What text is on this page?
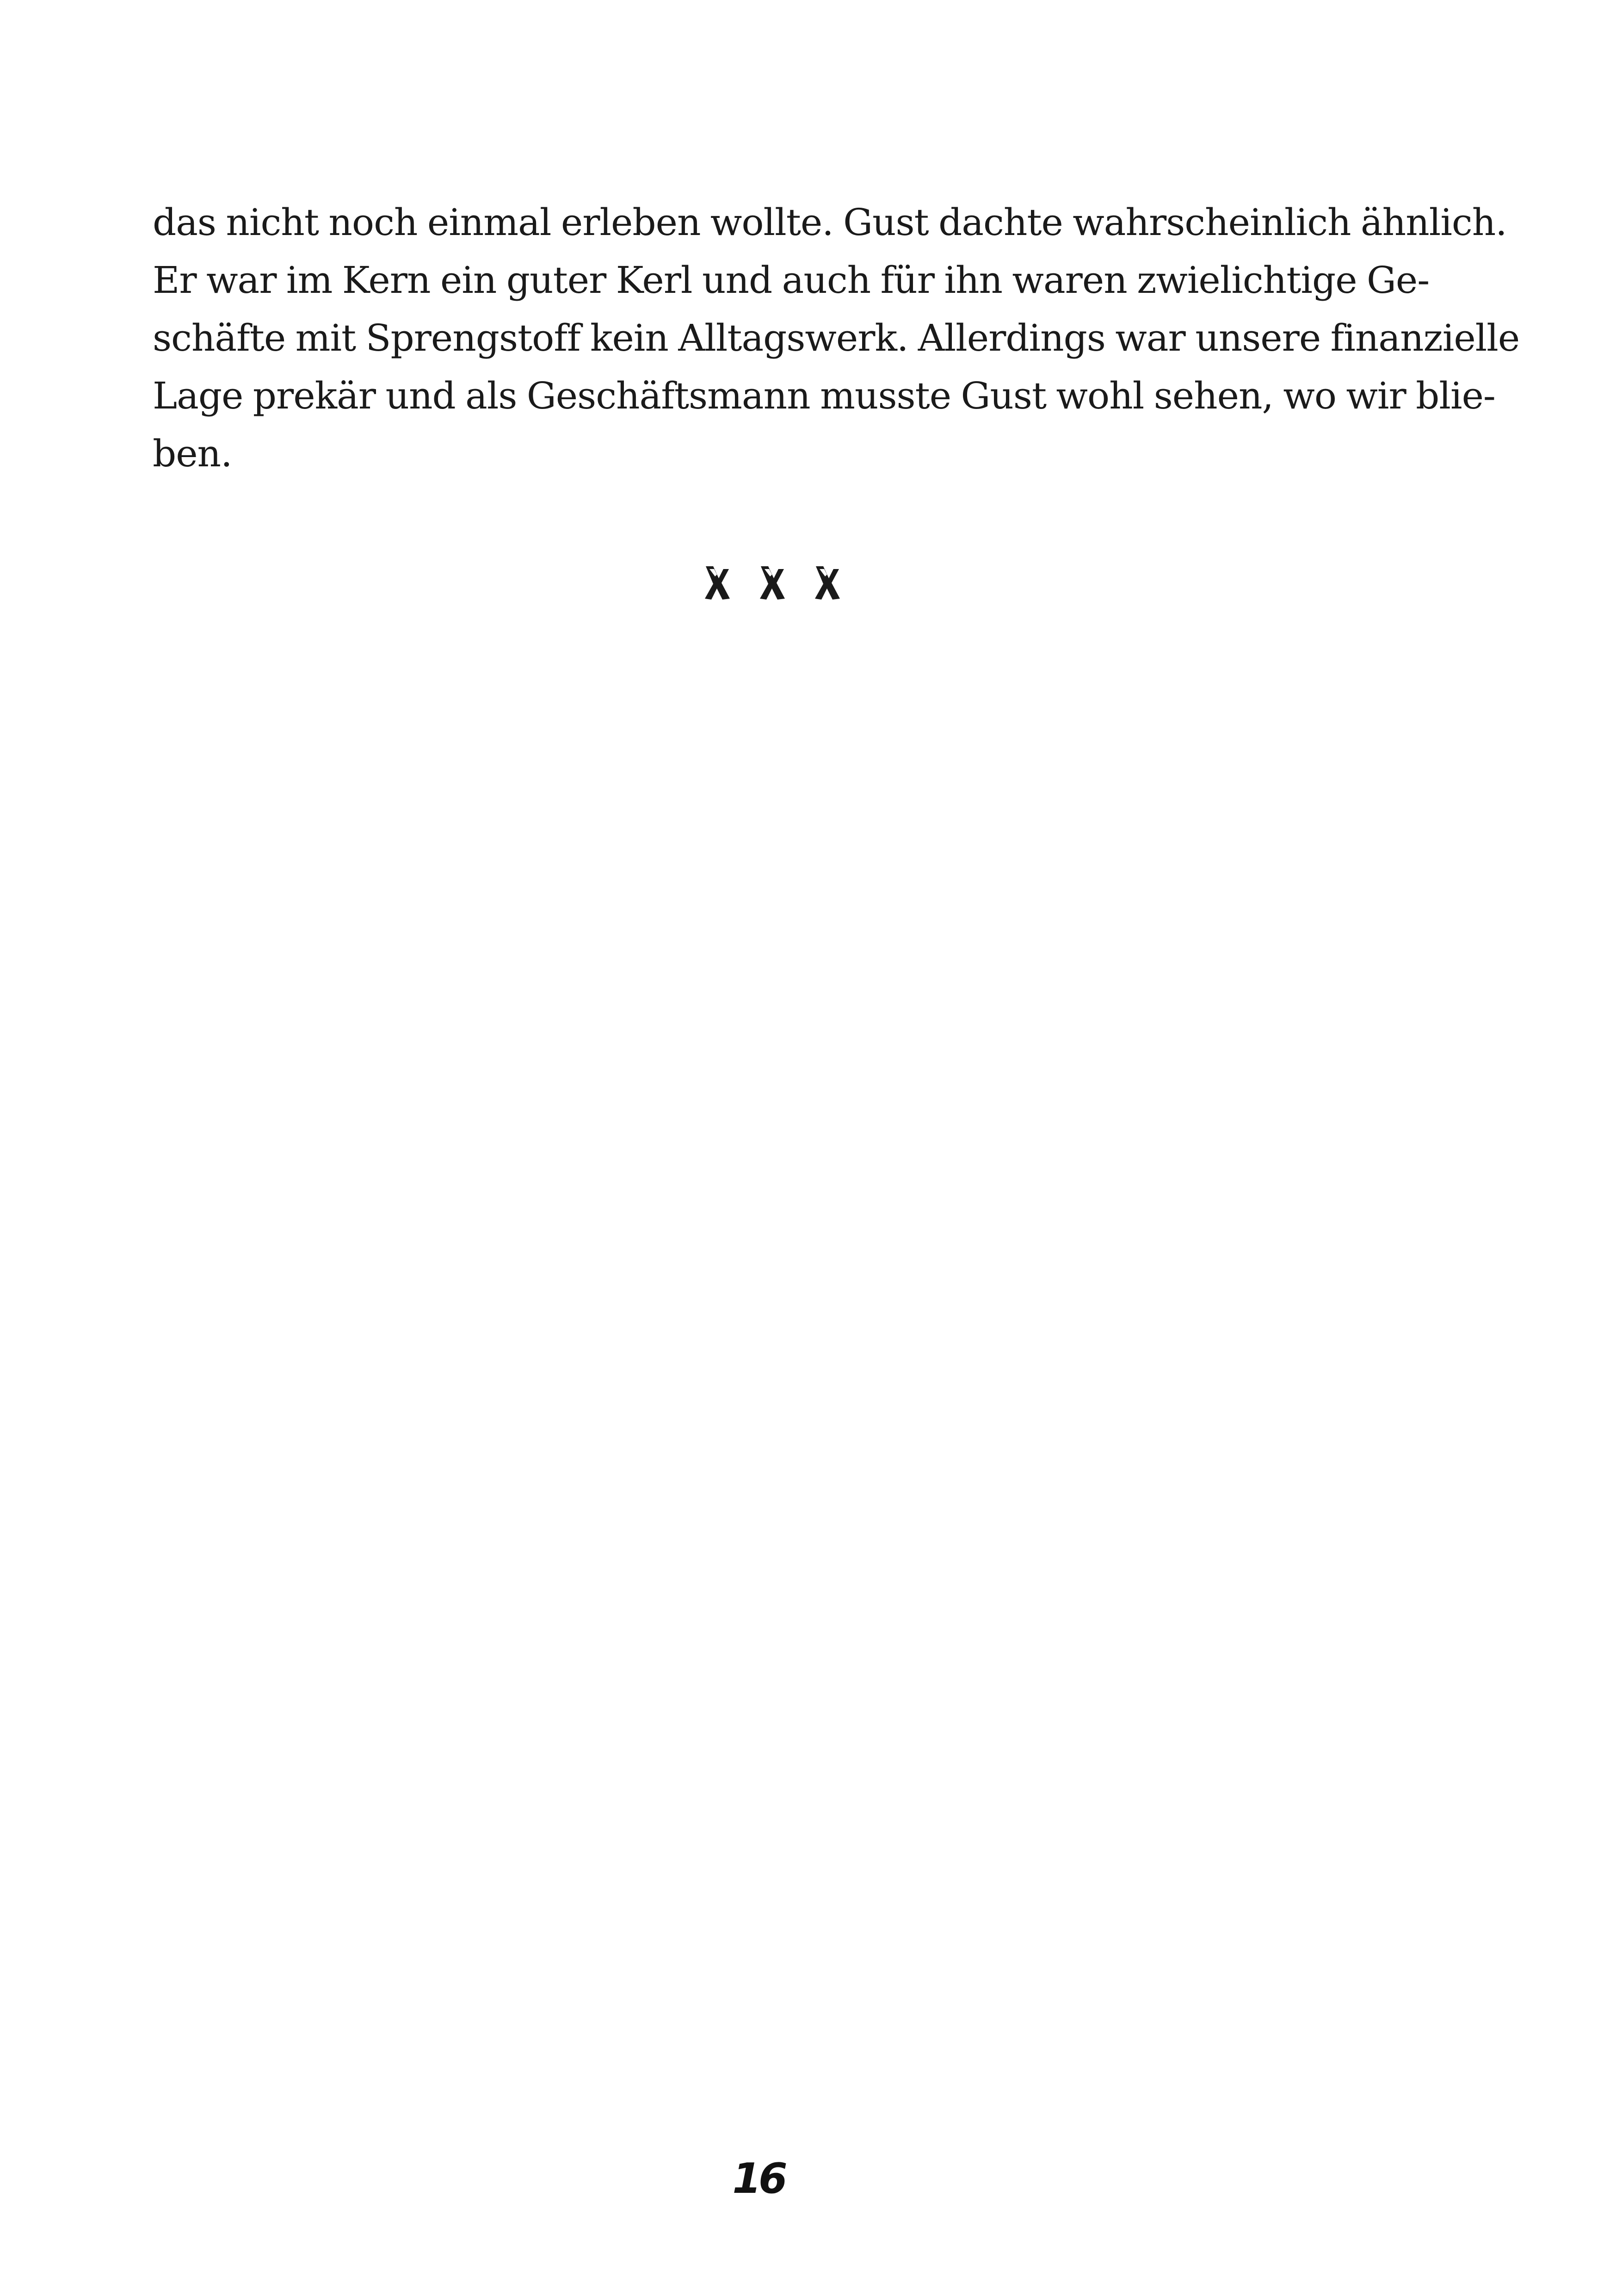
das nicht noch einmal erleben wollte. Gust dachte wahrscheinlich ähnlich.
Er war im Kern ein guter Kerl und auch für ihn waren zwielichtige Ge-
schäfte mit Sprengstoff kein Alltagswerk. Allerdings war unsere finanzielle
Lage prekär und als Geschäftsmann musste Gust wohl sehen, wo wir blie-
ben.
16
